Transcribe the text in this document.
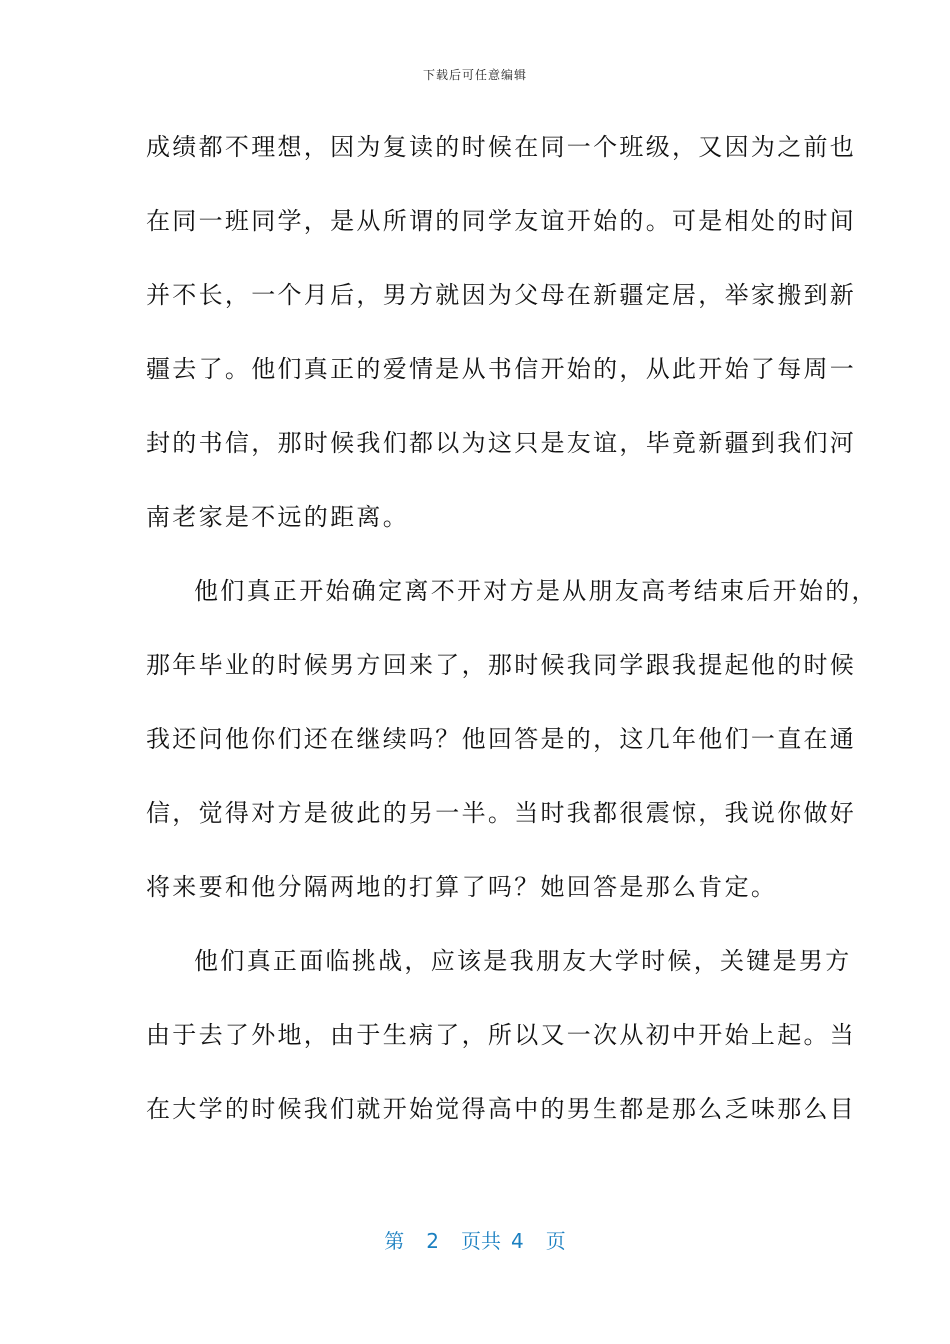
下载后可任意编辑
成绩都不理想，因为复读的时候在同一个班级，又因为之前也
在同一班同学，是从所谓的同学友谊开始的。可是相处的时间
并不长，一个月后，男方就因为父母在新疆定居，举家搬到新
疆去了。他们真正的爱情是从书信开始的，从此开始了每周一
封的书信，那时候我们都以为这只是友谊，毕竟新疆到我们河
南老家是不远的距离。
他们真正开始确定离不开对方是从朋友高考结束后开始的，
那年毕业的时候男方回来了，那时候我同学跟我提起他的时候
我还问他你们还在继续吗？他回答是的，这几年他们一直在通
信，觉得对方是彼此的另一半。当时我都很震惊，我说你做好
将来要和他分隔两地的打算了吗？她回答是那么肯定。
他们真正面临挑战，应该是我朋友大学时候，关键是男方
由于去了外地，由于生病了，所以又一次从初中开始上起。当
在大学的时候我们就开始觉得高中的男生都是那么乏味那么目
第 2 页共 4 页
